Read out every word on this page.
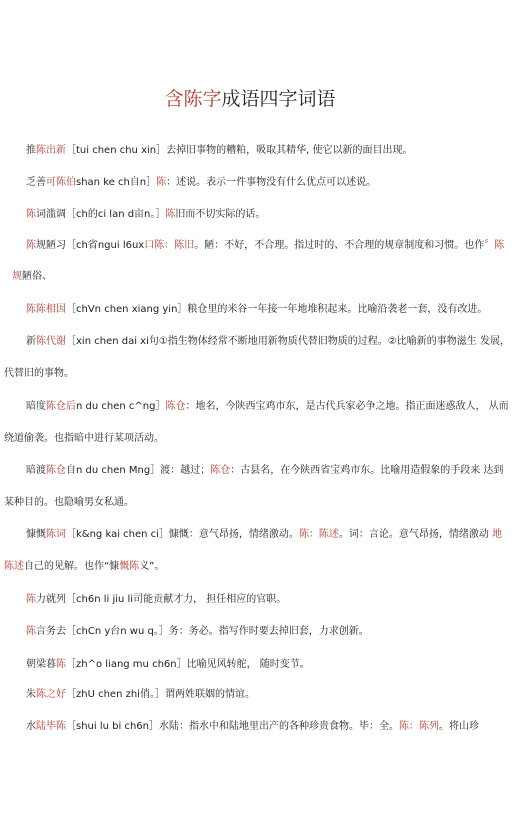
含陈字成语四字词语
推陈出新［tui chen chu xin］去掉旧事物的糟粕，吸取其精华, 使它以新的面目出现。
乏善可陈伯shan ke ch自n］陈：述说。表示一件事物没有什么优点可以述说。
陈词滥调［ch的ci lan d亩n。］陈旧而不切实际的话。
陈规陋习［ch省ngui l6ux口陈：陈旧。陋：不好，不合理。指过时的、不合理的规章制度和习惯。也作〞陈
规陋俗、
陈陈相因［chVn chen xiang yin］粮仓里的米谷一年接一年地堆积起来。比喻沿袭老一套，没有改进。
新陈代谢［xin chen dai xi句①指生物体经常不断地用新物质代替旧物质的过程。②比喻新的事物滋生 发展，
代替旧的事物。
暗度陈仓后n du chen c^ng］陈仓：地名，今陕西宝鸡市东，是古代兵家必争之地。指正面迷惑敌人， 从而
绕道偷袭。也指暗中进行某项活动。
暗渡陈仓自n du chen Mng］渡：越过；陈仓：古县名，在今陕西省宝鸡市东。比喻用造假象的手段来 达到
某种目的。也隐喻男女私通。
慷慨陈词［k&ng kai chen ci］慷慨：意气昂扬，情绪激动。陈：陈述。词：言论。意气昂扬，情绪激动 地
陈述自己的见解。也作“慷慨陈义”。
陈力就列［ch6n li jiu li司能贡献才力， 担任相应的官职。
陈言务去［chCn y台n wu q。］务：务必。指写作时要去掉旧套，力求创新。
朝梁暮陈［zh^o liang mu ch6n］比喻见风转舵， 随时变节。
朱陈之好［zhU chen zhi俏。］谓两姓联姻的情谊。
水陆毕陈［shui lu bi ch6n］水陆：指水中和陆地里出产的各种珍贵食物。毕：全。陈：陈列。将山珍
